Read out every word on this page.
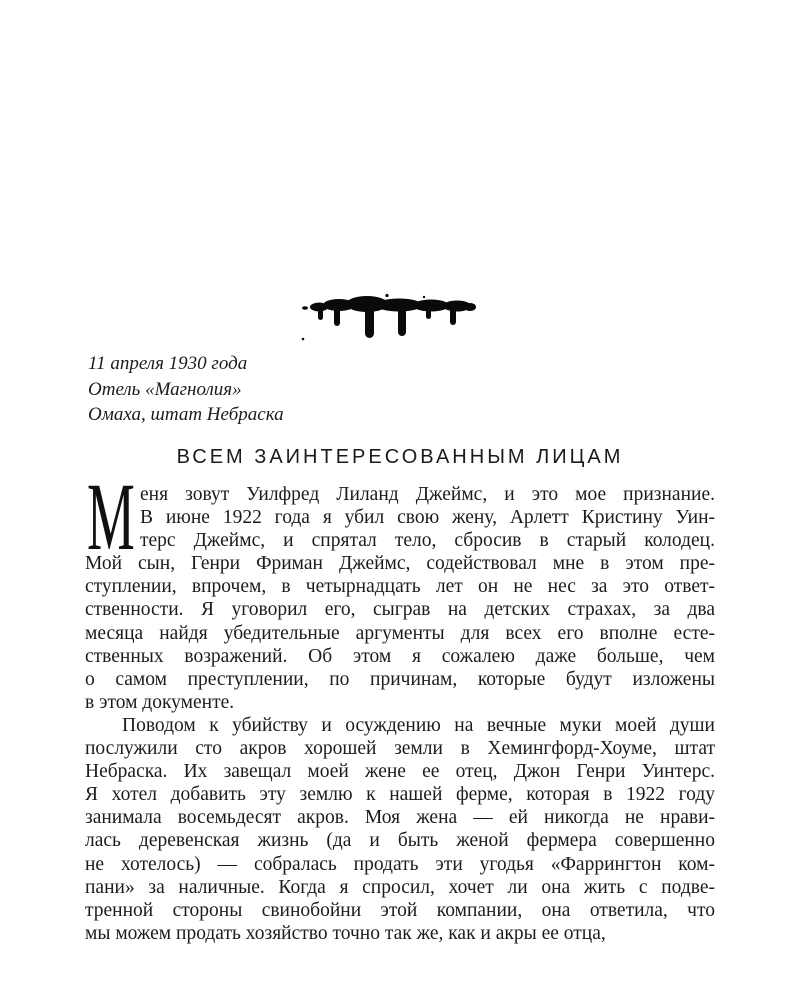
11 апреля 1930 года
Отель «Магнолия»
Омаха, штат Небраска
ВСЕМ ЗАИНТЕРЕСОВАННЫМ ЛИЦАМ
М еня зовут Уилфред Лиланд Джеймс, и это мое признание.
В июне 1922 года я убил свою жену, Арлетт Кристину Уин-
терс Джеймс, и спрятал тело, сбросив в старый колодец.
Мой сын, Генри Фриман Джеймс, содействовал мне в этом пре-
ступлении, впрочем, в четырнадцать лет он не нес за это ответ-
ственности. Я уговорил его, сыграв на детских страхах, за два
месяца найдя убедительные аргументы для всех его вполне есте-
ственных возражений. Об этом я сожалею даже больше, чем
о самом преступлении, по причинам, которые будут изложены
в этом документе.
Поводом к убийству и осуждению на вечные муки моей души
послужили сто акров хорошей земли в Хемингфорд-Хоуме, штат
Небраска. Их завещал моей жене ее отец, Джон Генри Уинтерс.
Я хотел добавить эту землю к нашей ферме, которая в 1922 году
занимала восемьдесят акров. Моя жена — ей никогда не нрави-
лась деревенская жизнь (да и быть женой фермера совершенно
не хотелось) — собралась продать эти угодья «Фаррингтон ком-
пани» за наличные. Когда я спросил, хочет ли она жить с подве-
тренной стороны свинобойни этой компании, она ответила, что
мы можем продать хозяйство точно так же, как и акры ее отца,
